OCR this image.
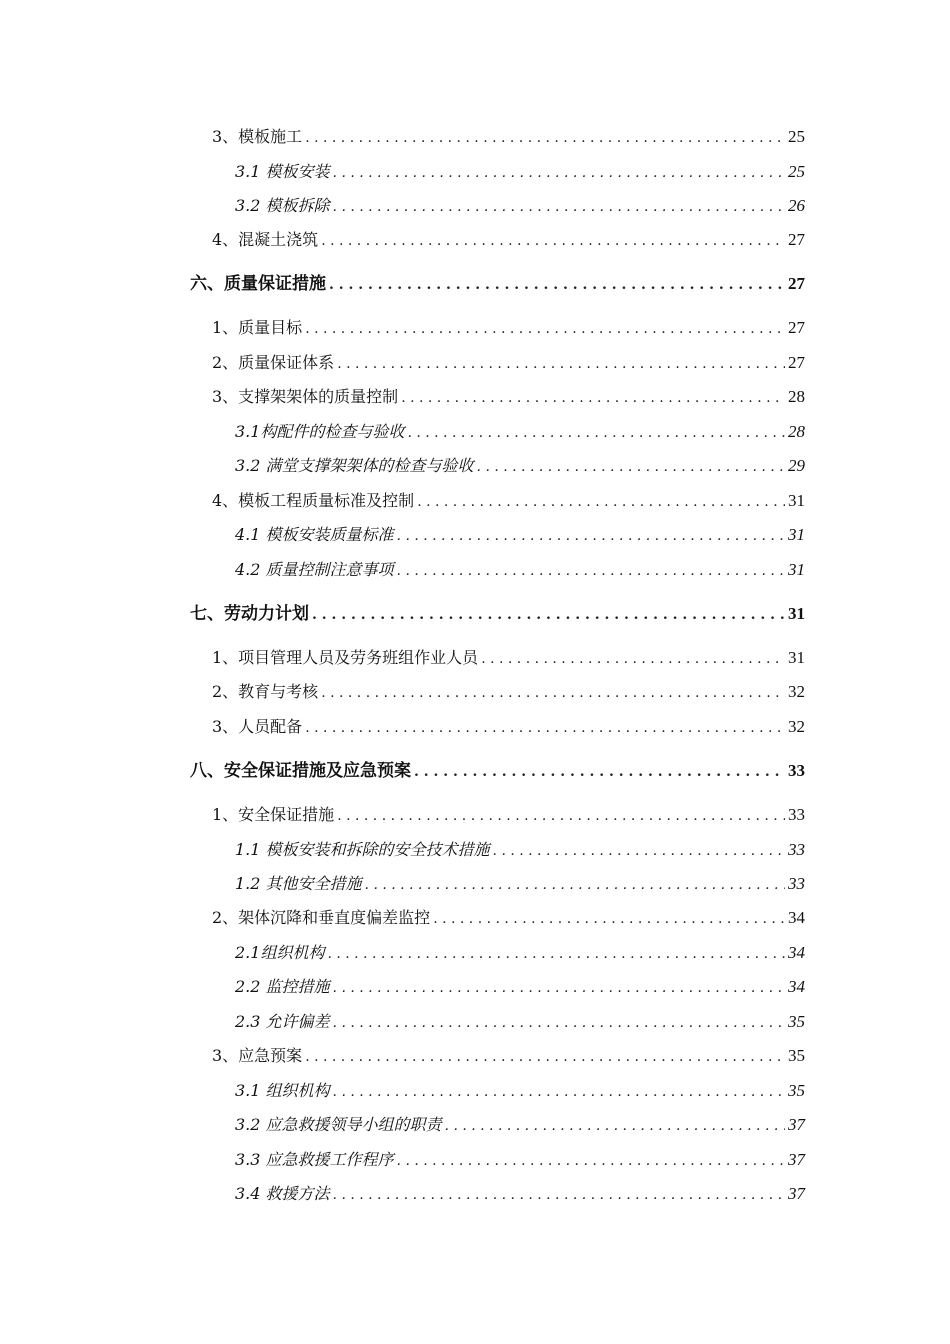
3、模板施工 . . .	25
3.1 模板安装 . . .	25
3.2 模板拆除 . . .	26
4、混凝土浇筑 . . .	27
六、质量保证措施 . . .	27
1、质量目标 . . .	27
2、质量保证体系 . . .	27
3、支撑架架体的质量控制 . . .	28
3.1构配件的检查与验收 . . .	28
3.2 满堂支撑架架体的检查与验收 . . .	29
4、模板工程质量标准及控制 . . .	31
4.1 模板安装质量标准 . . .	31
4.2 质量控制注意事项 . . .	31
七、劳动力计划 . . .	31
1、项目管理人员及劳务班组作业人员 . . .	31
2、教育与考核 . . .	32
3、人员配备 . . .	32
八、安全保证措施及应急预案 . . .	33
1、安全保证措施 . . .	33
1.1 模板安装和拆除的安全技术措施 . . .	33
1.2 其他安全措施 . . .	33
2、架体沉降和垂直度偏差监控 . . .	34
2.1组织机构 . . .	34
2.2 监控措施 . . .	34
2.3 允许偏差 . . .	35
3、应急预案 . . .	35
3.1 组织机构 . . .	35
3.2 应急救援领导小组的职责 . . .	37
3.3 应急救援工作程序 . . .	37
3.4 救援方法 . . .	37
